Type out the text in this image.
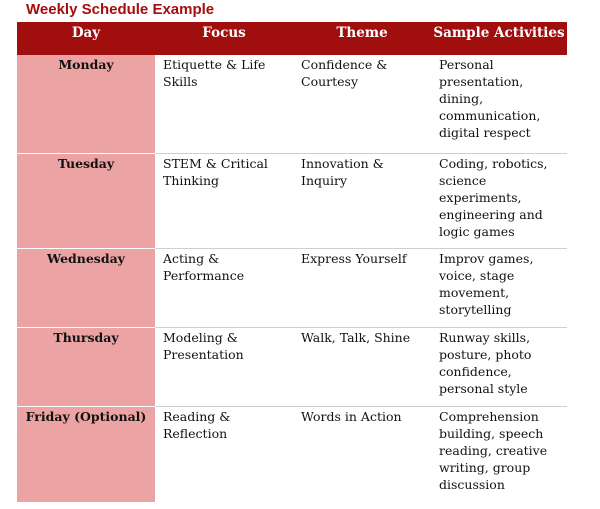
Weekly Schedule Example
Day	Focus	Theme	Sample Activities

Monday	Etiquette & Life Skills	Confidence & Courtesy	Personal presentation, dining, communication, digital respect

Tuesday	STEM & Critical Thinking	Innovation & Inquiry	Coding, robotics, science experiments, engineering and logic games

Wednesday	Acting & Performance	Express Yourself	Improv games, voice, stage movement, storytelling

Thursday	Modeling & Presentation	Walk, Talk, Shine	Runway skills, posture, photo confidence, personal style

Friday (Optional)	Reading & Reflection	Words in Action	Comprehension building, speech reading, creative writing, group discussion
